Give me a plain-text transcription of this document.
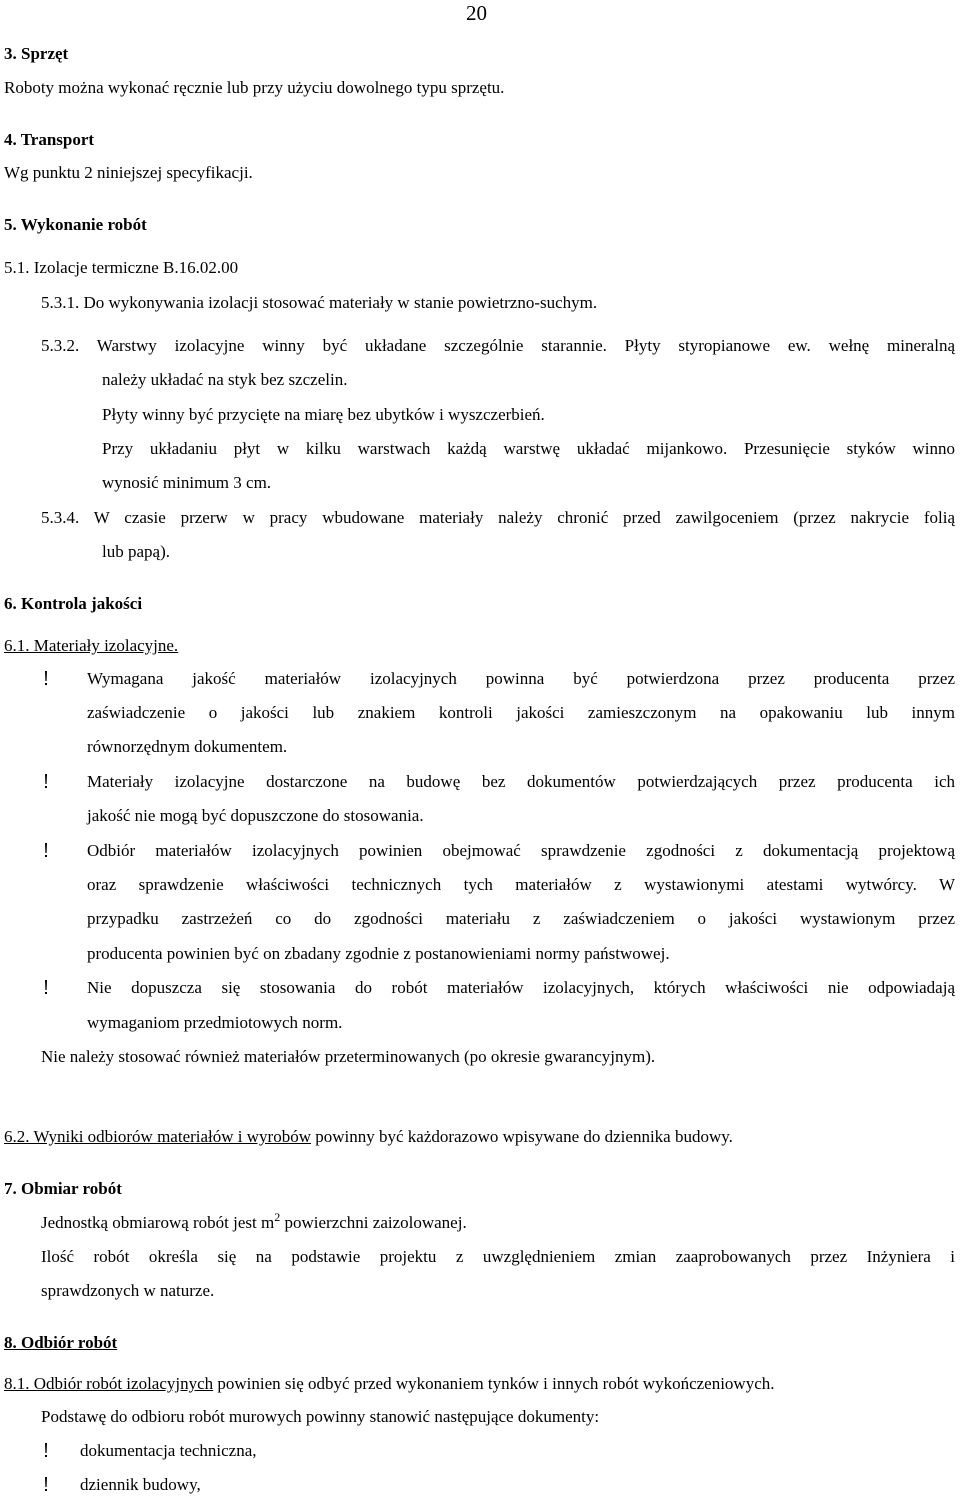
20
3. Sprzęt
Roboty można wykonać ręcznie lub przy użyciu dowolnego typu sprzętu.
4. Transport
Wg punktu 2 niniejszej specyfikacji.
5. Wykonanie robót
5.1. Izolacje termiczne B.16.02.00
5.3.1. Do wykonywania izolacji stosować materiały w stanie powietrzno-suchym.
5.3.2. Warstwy izolacyjne winny być układane szczególnie starannie. Płyty styropianowe ew. wełnę mineralną
należy układać na styk bez szczelin.
Płyty winny być przycięte na miarę bez ubytków i wyszczerbień.
Przy układaniu płyt w kilku warstwach każdą warstwę układać mijankowo. Przesunięcie styków winno
wynosić minimum 3 cm.
5.3.4. W czasie przerw w pracy wbudowane materiały należy chronić przed zawilgoceniem (przez nakrycie folią
lub papą).
6. Kontrola jakości
6.1. Materiały izolacyjne.
Wymagana jakość materiałów izolacyjnych powinna być potwierdzona przez producenta przez
zaświadczenie o jakości lub znakiem kontroli jakości zamieszczonym na opakowaniu lub innym
równorzędnym dokumentem.
Materiały izolacyjne dostarczone na budowę bez dokumentów potwierdzających przez producenta ich
jakość nie mogą być dopuszczone do stosowania.
Odbiór materiałów izolacyjnych powinien obejmować sprawdzenie zgodności z dokumentacją projektową
oraz sprawdzenie właściwości technicznych tych materiałów z wystawionymi atestami wytwórcy. W
przypadku zastrzeżeń co do zgodności materiału z zaświadczeniem o jakości wystawionym przez
producenta powinien być on zbadany zgodnie z postanowieniami normy państwowej.
Nie dopuszcza się stosowania do robót materiałów izolacyjnych, których właściwości nie odpowiadają
wymaganiom przedmiotowych norm.
Nie należy stosować również materiałów przeterminowanych (po okresie gwarancyjnym).
6.2. Wyniki odbiorów materiałów i wyrobów powinny być każdorazowo wpisywane do dziennika budowy.
7. Obmiar robót
Jednostką obmiarową robót jest $m^2$ powierzchni zaizolowanej.
Ilość robót określa się na podstawie projektu z uwzględnieniem zmian zaaprobowanych przez Inżyniera i
sprawdzonych w naturze.
8. Odbiór robót
8.1. Odbiór robót izolacyjnych powinien się odbyć przed wykonaniem tynków i innych robót wykończeniowych.
Podstawę do odbioru robót murowych powinny stanowić następujące dokumenty:
dokumentacja techniczna,
dziennik budowy,
